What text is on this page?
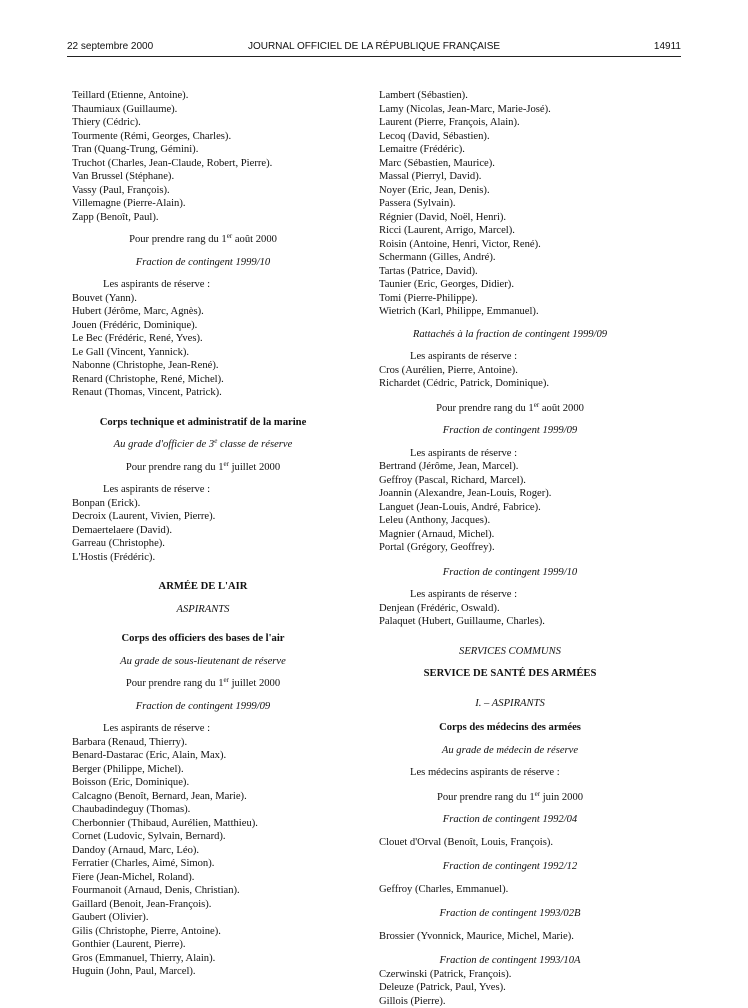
22 septembre 2000	JOURNAL OFFICIEL DE LA RÉPUBLIQUE FRANÇAISE	14911
Teillard (Etienne, Antoine).
Thaumiaux (Guillaume).
Thiery (Cédric).
Tourmente (Rémi, Georges, Charles).
Tran (Quang-Trung, Gémini).
Truchot (Charles, Jean-Claude, Robert, Pierre).
Van Brussel (Stéphane).
Vassy (Paul, François).
Villemagne (Pierre-Alain).
Zapp (Benoît, Paul).
Pour prendre rang du 1er août 2000
Fraction de contingent 1999/10
Les aspirants de réserve :
Bouvet (Yann).
Hubert (Jérôme, Marc, Agnès).
Jouen (Frédéric, Dominique).
Le Bec (Frédéric, René, Yves).
Le Gall (Vincent, Yannick).
Nabonne (Christophe, Jean-René).
Renard (Christophe, René, Michel).
Renaut (Thomas, Vincent, Patrick).
Corps technique et administratif de la marine
Au grade d'officier de 3e classe de réserve
Pour prendre rang du 1er juillet 2000
Les aspirants de réserve :
Bonpan (Erick).
Decroix (Laurent, Vivien, Pierre).
Demaertelaere (David).
Garreau (Christophe).
L'Hostis (Frédéric).
ARMÉE DE L'AIR
ASPIRANTS
Corps des officiers des bases de l'air
Au grade de sous-lieutenant de réserve
Pour prendre rang du 1er juillet 2000
Fraction de contingent 1999/09
Les aspirants de réserve :
Barbara (Renaud, Thierry).
Benard-Dastarac (Eric, Alain, Max).
Berger (Philippe, Michel).
Boisson (Eric, Dominique).
Calcagno (Benoît, Bernard, Jean, Marie).
Chaubadindeguy (Thomas).
Cherbonnier (Thibaud, Aurélien, Matthieu).
Cornet (Ludovic, Sylvain, Bernard).
Dandoy (Arnaud, Marc, Léo).
Ferratier (Charles, Aimé, Simon).
Fiere (Jean-Michel, Roland).
Fourmanoit (Arnaud, Denis, Christian).
Gaillard (Benoit, Jean-François).
Gaubert (Olivier).
Gilis (Christophe, Pierre, Antoine).
Gonthier (Laurent, Pierre).
Gros (Emmanuel, Thierry, Alain).
Huguin (John, Paul, Marcel).
Lambert (Sébastien).
Lamy (Nicolas, Jean-Marc, Marie-José).
Laurent (Pierre, François, Alain).
Lecoq (David, Sébastien).
Lemaitre (Frédéric).
Marc (Sébastien, Maurice).
Massal (Pierryl, David).
Noyer (Eric, Jean, Denis).
Passera (Sylvain).
Régnier (David, Noël, Henri).
Ricci (Laurent, Arrigo, Marcel).
Roisin (Antoine, Henri, Victor, René).
Schermann (Gilles, André).
Tartas (Patrice, David).
Taunier (Eric, Georges, Didier).
Tomi (Pierre-Philippe).
Wietrich (Karl, Philippe, Emmanuel).
Rattachés à la fraction de contingent 1999/09
Les aspirants de réserve :
Cros (Aurélien, Pierre, Antoine).
Richardet (Cédric, Patrick, Dominique).
Pour prendre rang du 1er août 2000
Fraction de contingent 1999/09
Les aspirants de réserve :
Bertrand (Jérôme, Jean, Marcel).
Geffroy (Pascal, Richard, Marcel).
Joannin (Alexandre, Jean-Louis, Roger).
Languet (Jean-Louis, André, Fabrice).
Leleu (Anthony, Jacques).
Magnier (Arnaud, Michel).
Portal (Grégory, Geoffrey).
Fraction de contingent 1999/10
Les aspirants de réserve :
Denjean (Frédéric, Oswald).
Palaquet (Hubert, Guillaume, Charles).
SERVICES COMMUNS
SERVICE DE SANTÉ DES ARMÉES
I. – ASPIRANTS
Corps des médecins des armées
Au grade de médecin de réserve
Les médecins aspirants de réserve :
Pour prendre rang du 1er juin 2000
Fraction de contingent 1992/04
Clouet d'Orval (Benoît, Louis, François).
Fraction de contingent 1992/12
Geffroy (Charles, Emmanuel).
Fraction de contingent 1993/02B
Brossier (Yvonnick, Maurice, Michel, Marie).
Fraction de contingent 1993/10A
Czerwinski (Patrick, François).
Deleuze (Patrick, Paul, Yves).
Gillois (Pierre).
